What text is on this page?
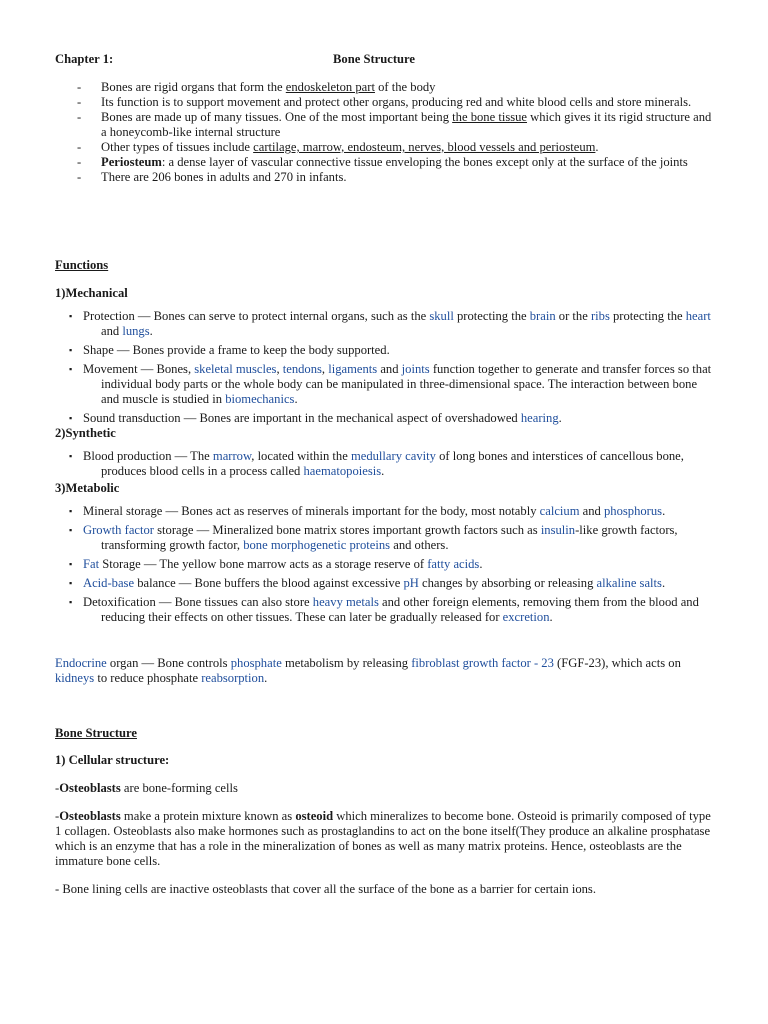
Chapter 1:	Bone Structure
- Bones are rigid organs that form the endoskeleton part of the body
- Its function is to support movement and protect other organs, producing red and white blood cells and store minerals.
- Bones are made up of many tissues. One of the most important being the bone tissue which gives it its rigid structure and a honeycomb-like internal structure
- Other types of tissues include cartilage, marrow, endosteum, nerves, blood vessels and periosteum.
- Periosteum: a dense layer of vascular connective tissue enveloping the bones except only at the surface of the joints
- There are 206 bones in adults and 270 in infants.
Functions
1)Mechanical
▪ Protection — Bones can serve to protect internal organs, such as the skull protecting the brain or the ribs protecting the heart and lungs.
▪ Shape — Bones provide a frame to keep the body supported.
▪ Movement — Bones, skeletal muscles, tendons, ligaments and joints function together to generate and transfer forces so that individual body parts or the whole body can be manipulated in three-dimensional space. The interaction between bone and muscle is studied in biomechanics.
▪ Sound transduction — Bones are important in the mechanical aspect of overshadowed hearing.
2)Synthetic
▪ Blood production — The marrow, located within the medullary cavity of long bones and interstices of cancellous bone, produces blood cells in a process called haematopoiesis.
3)Metabolic
▪ Mineral storage — Bones act as reserves of minerals important for the body, most notably calcium and phosphorus.
▪ Growth factor storage — Mineralized bone matrix stores important growth factors such as insulin-like growth factors, transforming growth factor, bone morphogenetic proteins and others.
▪ Fat Storage — The yellow bone marrow acts as a storage reserve of fatty acids.
▪ Acid-base balance — Bone buffers the blood against excessive pH changes by absorbing or releasing alkaline salts.
▪ Detoxification — Bone tissues can also store heavy metals and other foreign elements, removing them from the blood and reducing their effects on other tissues. These can later be gradually released for excretion.

Endocrine organ — Bone controls phosphate metabolism by releasing fibroblast growth factor - 23 (FGF-23), which acts on kidneys to reduce phosphate reabsorption.

Bone Structure
1) Cellular structure:

-Osteoblasts are bone-forming cells

-Osteoblasts make a protein mixture known as osteoid which mineralizes to become bone. Osteoid is primarily composed of type 1 collagen. Osteoblasts also make hormones such as prostaglandins to act on the bone itself(They produce an alkaline prosphatase which is an enzyme that has a role in the mineralization of bones as well as many matrix proteins. Hence, osteoblasts are the immature bone cells.

- Bone lining cells are inactive osteoblasts that cover all the surface of the bone as a barrier for certain ions.
